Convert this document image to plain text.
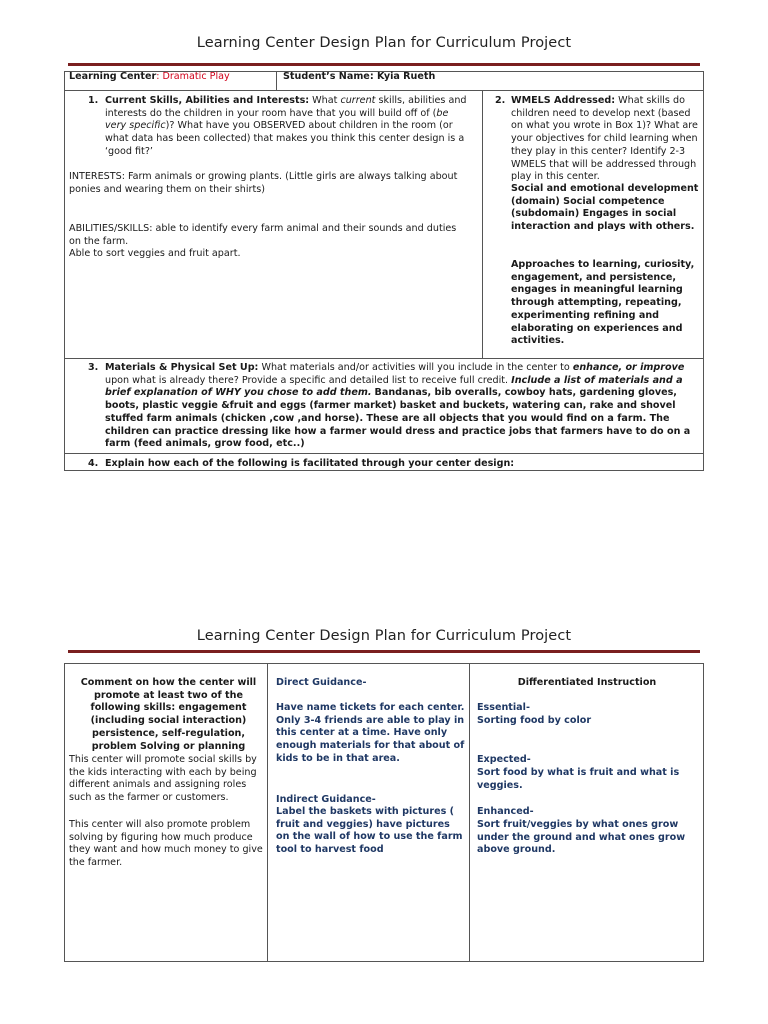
Learning Center Design Plan for Curriculum Project
Learning Center: Dramatic Play	Student’s Name: Kyia Rueth
1. Current Skills, Abilities and Interests: What current skills, abilities and interests do the children in your room have that you will build off of (be very specific)? What have you OBSERVED about children in the room (or what data has been collected) that makes you think this center design is a ‘good fit?’
INTERESTS: Farm animals or growing plants. (Little girls are always talking about ponies and wearing them on their shirts)
ABILITIES/SKILLS: able to identify every farm animal and their sounds and duties on the farm.
Able to sort veggies and fruit apart.
2. WMELS Addressed: What skills do children need to develop next (based on what you wrote in Box 1)? What are your objectives for child learning when they play in this center? Identify 2-3 WMELS that will be addressed through play in this center.
Social and emotional development (domain) Social competence (subdomain) Engages in social interaction and plays with others.
Approaches to learning, curiosity, engagement, and persistence, engages in meaningful learning through attempting, repeating, experimenting refining and elaborating on experiences and activities.
3. Materials & Physical Set Up: What materials and/or activities will you include in the center to enhance, or improve upon what is already there? Provide a specific and detailed list to receive full credit. Include a list of materials and a brief explanation of WHY you chose to add them. Bandanas, bib overalls, cowboy hats, gardening gloves, boots, plastic veggie &fruit and eggs (farmer market) basket and buckets, watering can, rake and shovel stuffed farm animals (chicken ,cow ,and horse). These are all objects that you would find on a farm. The children can practice dressing like how a farmer would dress and practice jobs that farmers have to do on a farm (feed animals, grow food, etc..)
4. Explain how each of the following is facilitated through your center design:
Learning Center Design Plan for Curriculum Project
Comment on how the center will promote at least two of the following skills: engagement (including social interaction) persistence, self-regulation, problem Solving or planning
This center will promote social skills by the kids interacting with each by being different animals and assigning roles such as the farmer or customers.
This center will also promote problem solving by figuring how much produce they want and how much money to give the farmer.
Direct Guidance-
Have name tickets for each center. Only 3-4 friends are able to play in this center at a time. Have only enough materials for that about of kids to be in that area.
Indirect Guidance-
Label the baskets with pictures ( fruit and veggies) have pictures on the wall of how to use the farm tool to harvest food
Differentiated Instruction
Essential-
Sorting food by color
Expected-
Sort food by what is fruit and what is veggies.
Enhanced-
Sort fruit/veggies by what ones grow under the ground and what ones grow above ground.
